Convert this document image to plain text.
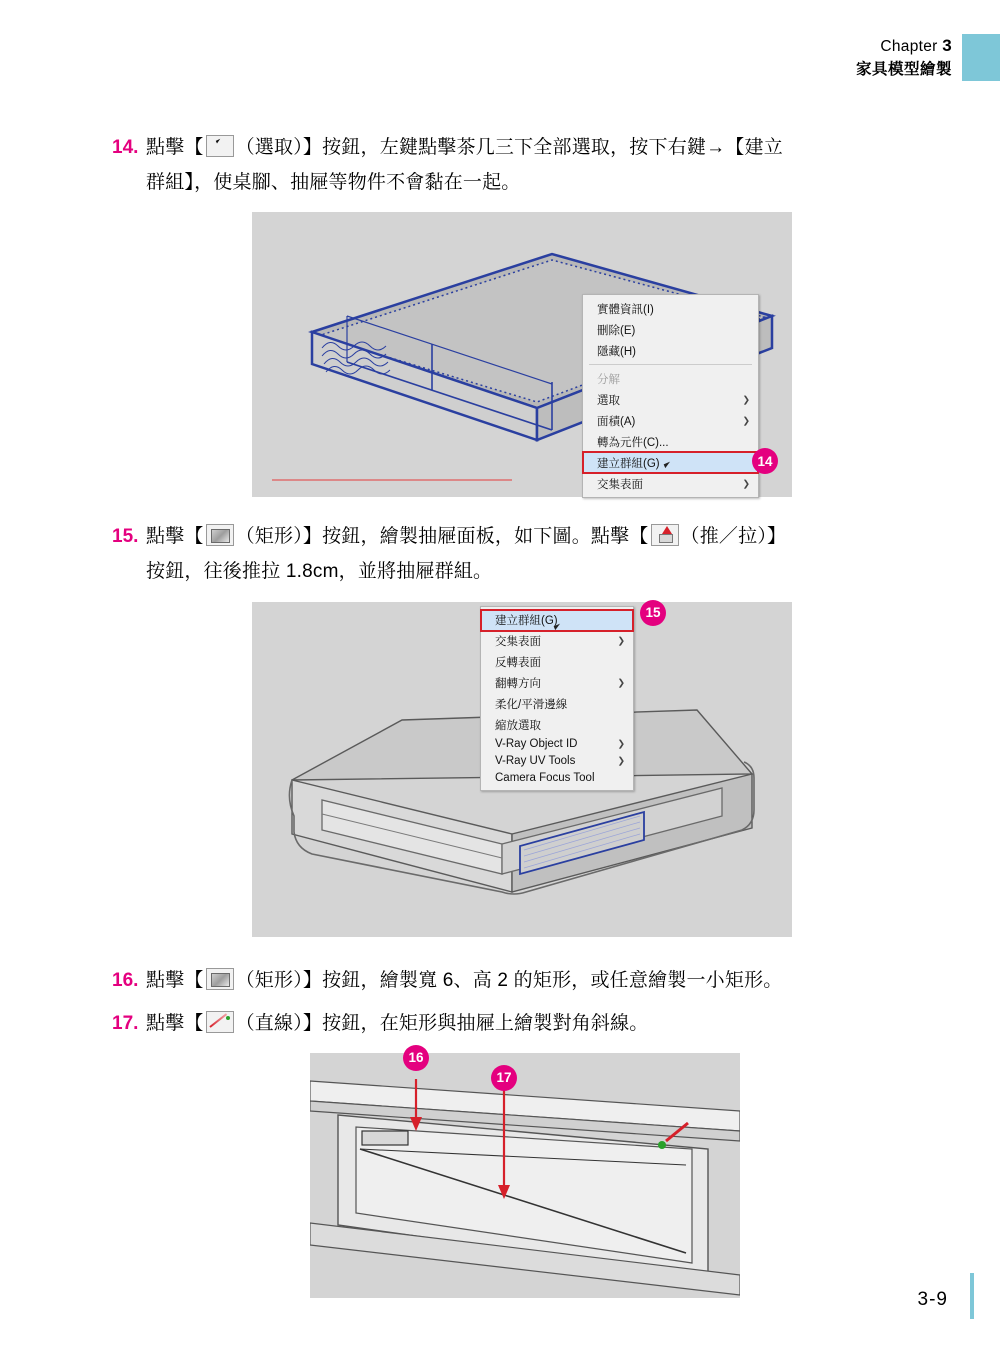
Chapter 3
家具模型繪製
14. 點擊【 （選取）】按鈕，左鍵點擊茶几三下全部選取，按下右鍵→【建立
群組】，使桌腳、抽屜等物件不會黏在一起。
實體資訊(I)
刪除(E)
隱藏(H)
分解
選取	❯
面積(A)	❯
轉為元件(C)...
建立群組(G)
交集表面	❯
14
15. 點擊【 （矩形）】按鈕，繪製抽屜面板，如下圖。點擊【 （推／拉）】
按鈕，往後推拉 1.8cm，並將抽屜群組。
建立群組(G)
交集表面	❯
反轉表面
翻轉方向	❯
柔化/平滑邊線
縮放選取
V-Ray Object ID	❯
V-Ray UV Tools	❯
Camera Focus Tool
15
16. 點擊【 （矩形）】按鈕，繪製寬 6、高 2 的矩形，或任意繪製一小矩形。
17. 點擊【 （直線）】按鈕，在矩形與抽屜上繪製對角斜線。
16
17
3-9
